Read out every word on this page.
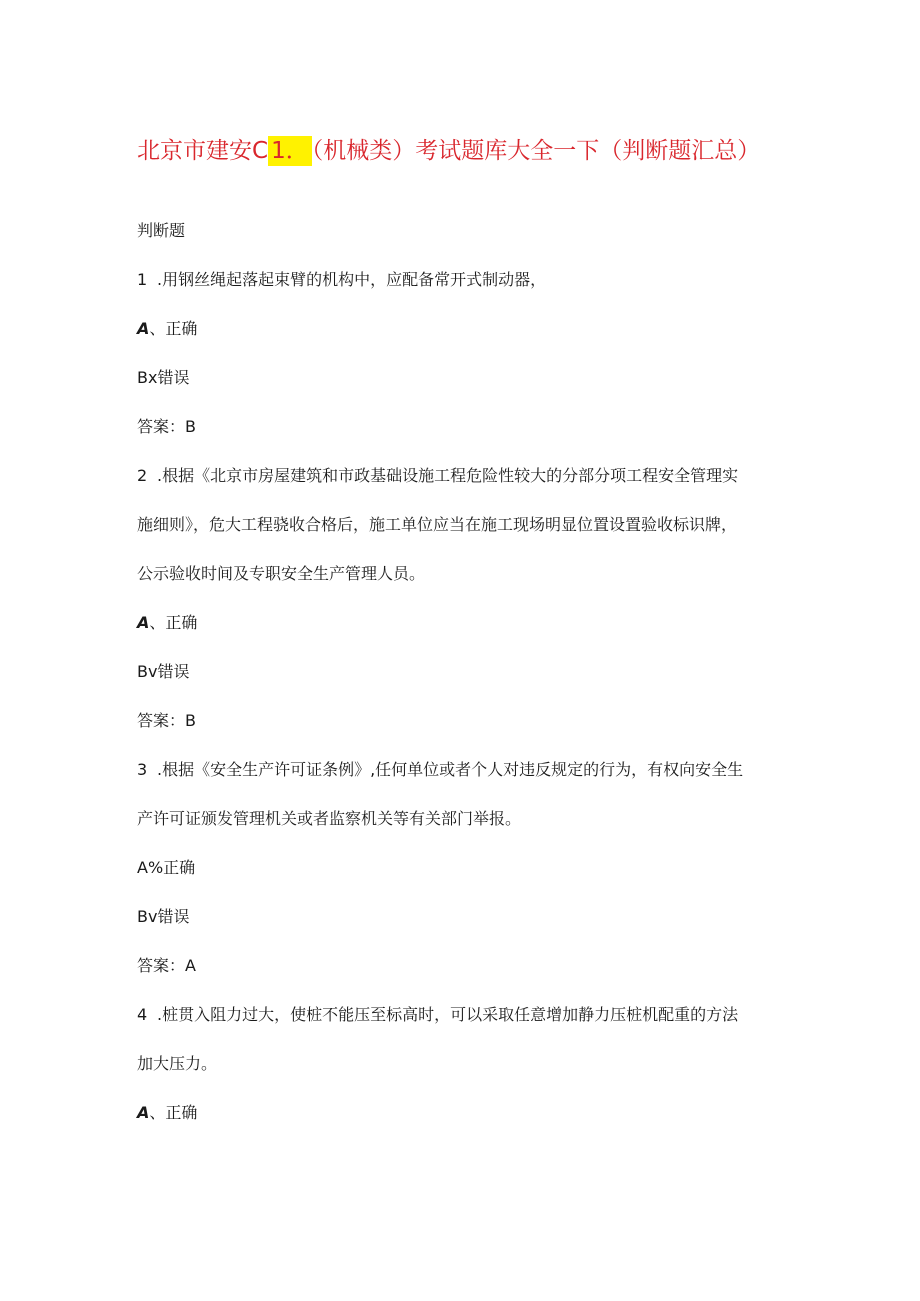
北京市建安C 1． （机械类）考试题库大全一下（判断题汇总）
判断题
1 .用钢丝绳起落起束臂的机构中，应配备常开式制动器，
A、正确
Bx错误
答案：B
2 .根据《北京市房屋建筑和市政基础设施工程危险性较大的分部分项工程安全管理实
施细则》，危大工程骁收合格后，施工单位应当在施工现场明显位置设置验收标识牌，
公示验收时间及专职安全生产管理人员。
A、正确
Bv错误
答案：B
3 .根据《安全生产许可证条例》,任何单位或者个人对违反规定的行为，有权向安全生
产许可证颁发管理机关或者监察机关等有关部门举报。
A%正确
Bv错误
答案：A
4 .桩贯入阻力过大，使桩不能压至标高时，可以采取任意增加静力压桩机配重的方法
加大压力。
A、正确
